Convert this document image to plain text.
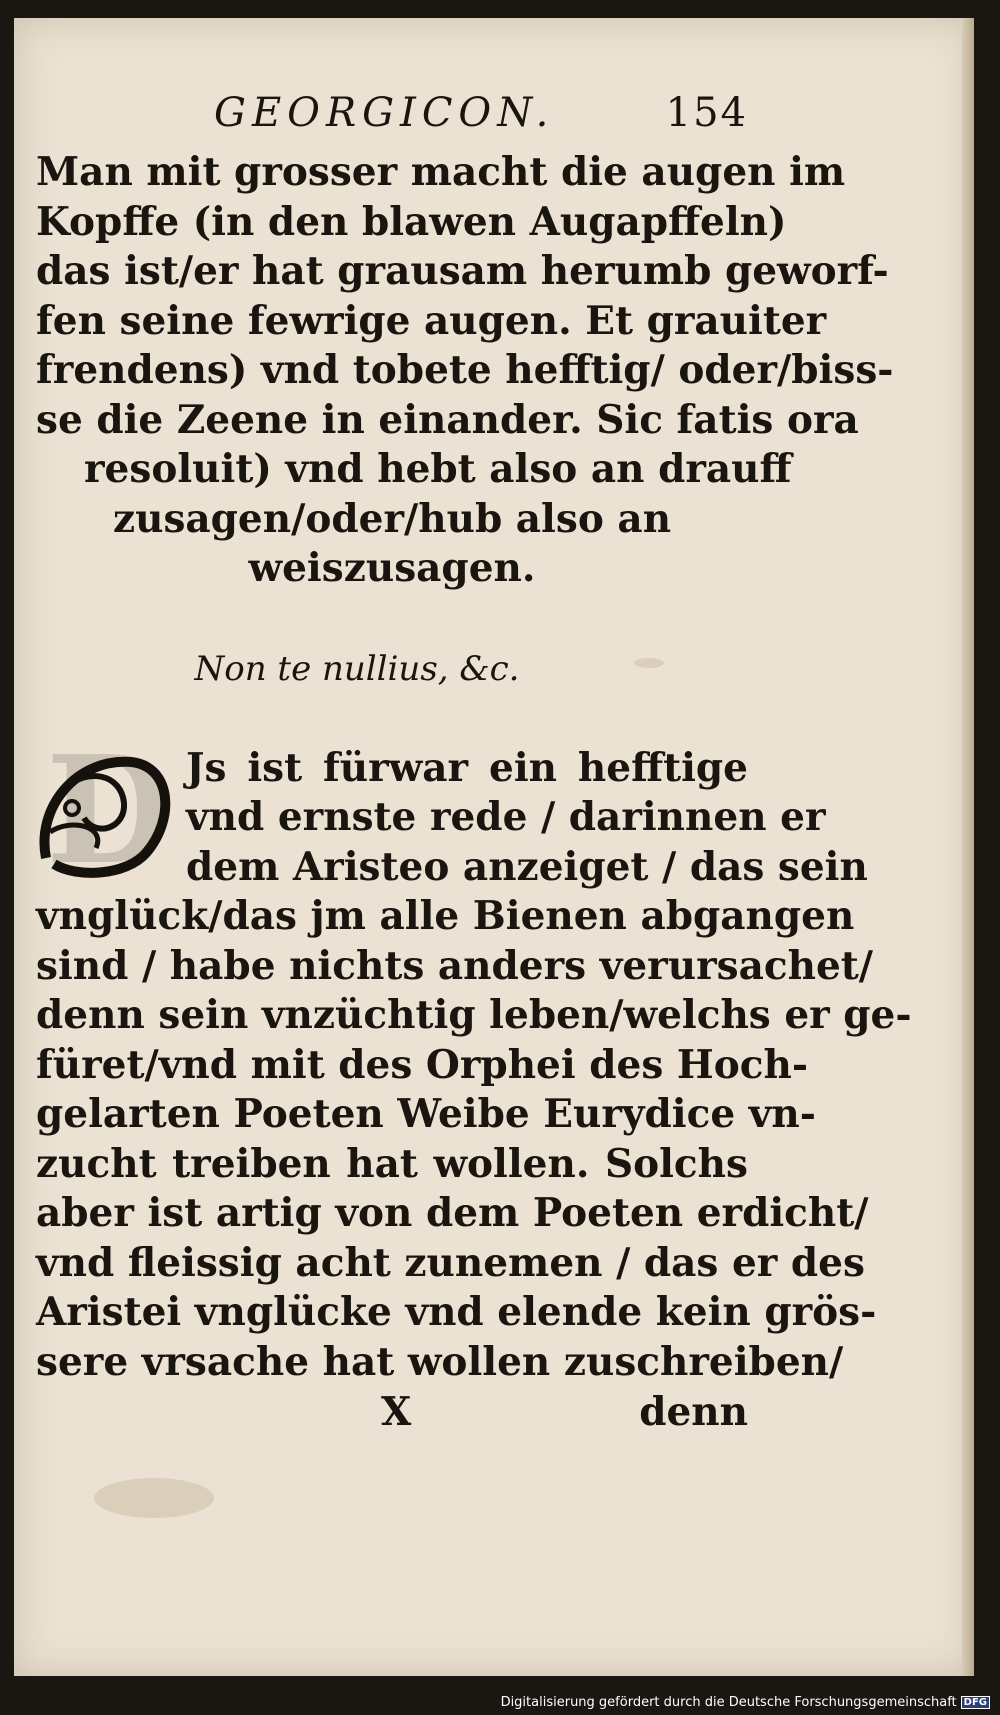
GEORGICON.	154
Man mit grosser macht die augen im
Kopffe (in den blawen Augapffeln)
das ist/er hat grausam herumb geworf-
fen seine fewrige augen. Et grauiter
frendens) vnd tobete hefftig/ oder/biss-
se die Zeene in einander. Sic fatis ora
resoluit) vnd hebt also an drauff
zusagen/oder/hub also an
weiszusagen.
Non te nullius, &c.
D Js ist fürwar ein hefftige
vnd ernste rede / darinnen er
dem Aristeo anzeiget / das sein
vnglück/das jm alle Bienen abgangen
sind / habe nichts anders verursachet/
denn sein vnzüchtig leben/welchs er ge-
füret/vnd mit des Orphei des Hoch-
gelarten Poeten Weibe Eurydice vn-
zucht treiben hat wollen. Solchs
aber ist artig von dem Poeten erdicht/
vnd fleissig acht zunemen / das er des
Aristei vnglücke vnd elende kein grös-
sere vrsache hat wollen zuschreiben/
X	denn
Digitalisierung gefördert durch die Deutsche Forschungsgemeinschaft DFG
